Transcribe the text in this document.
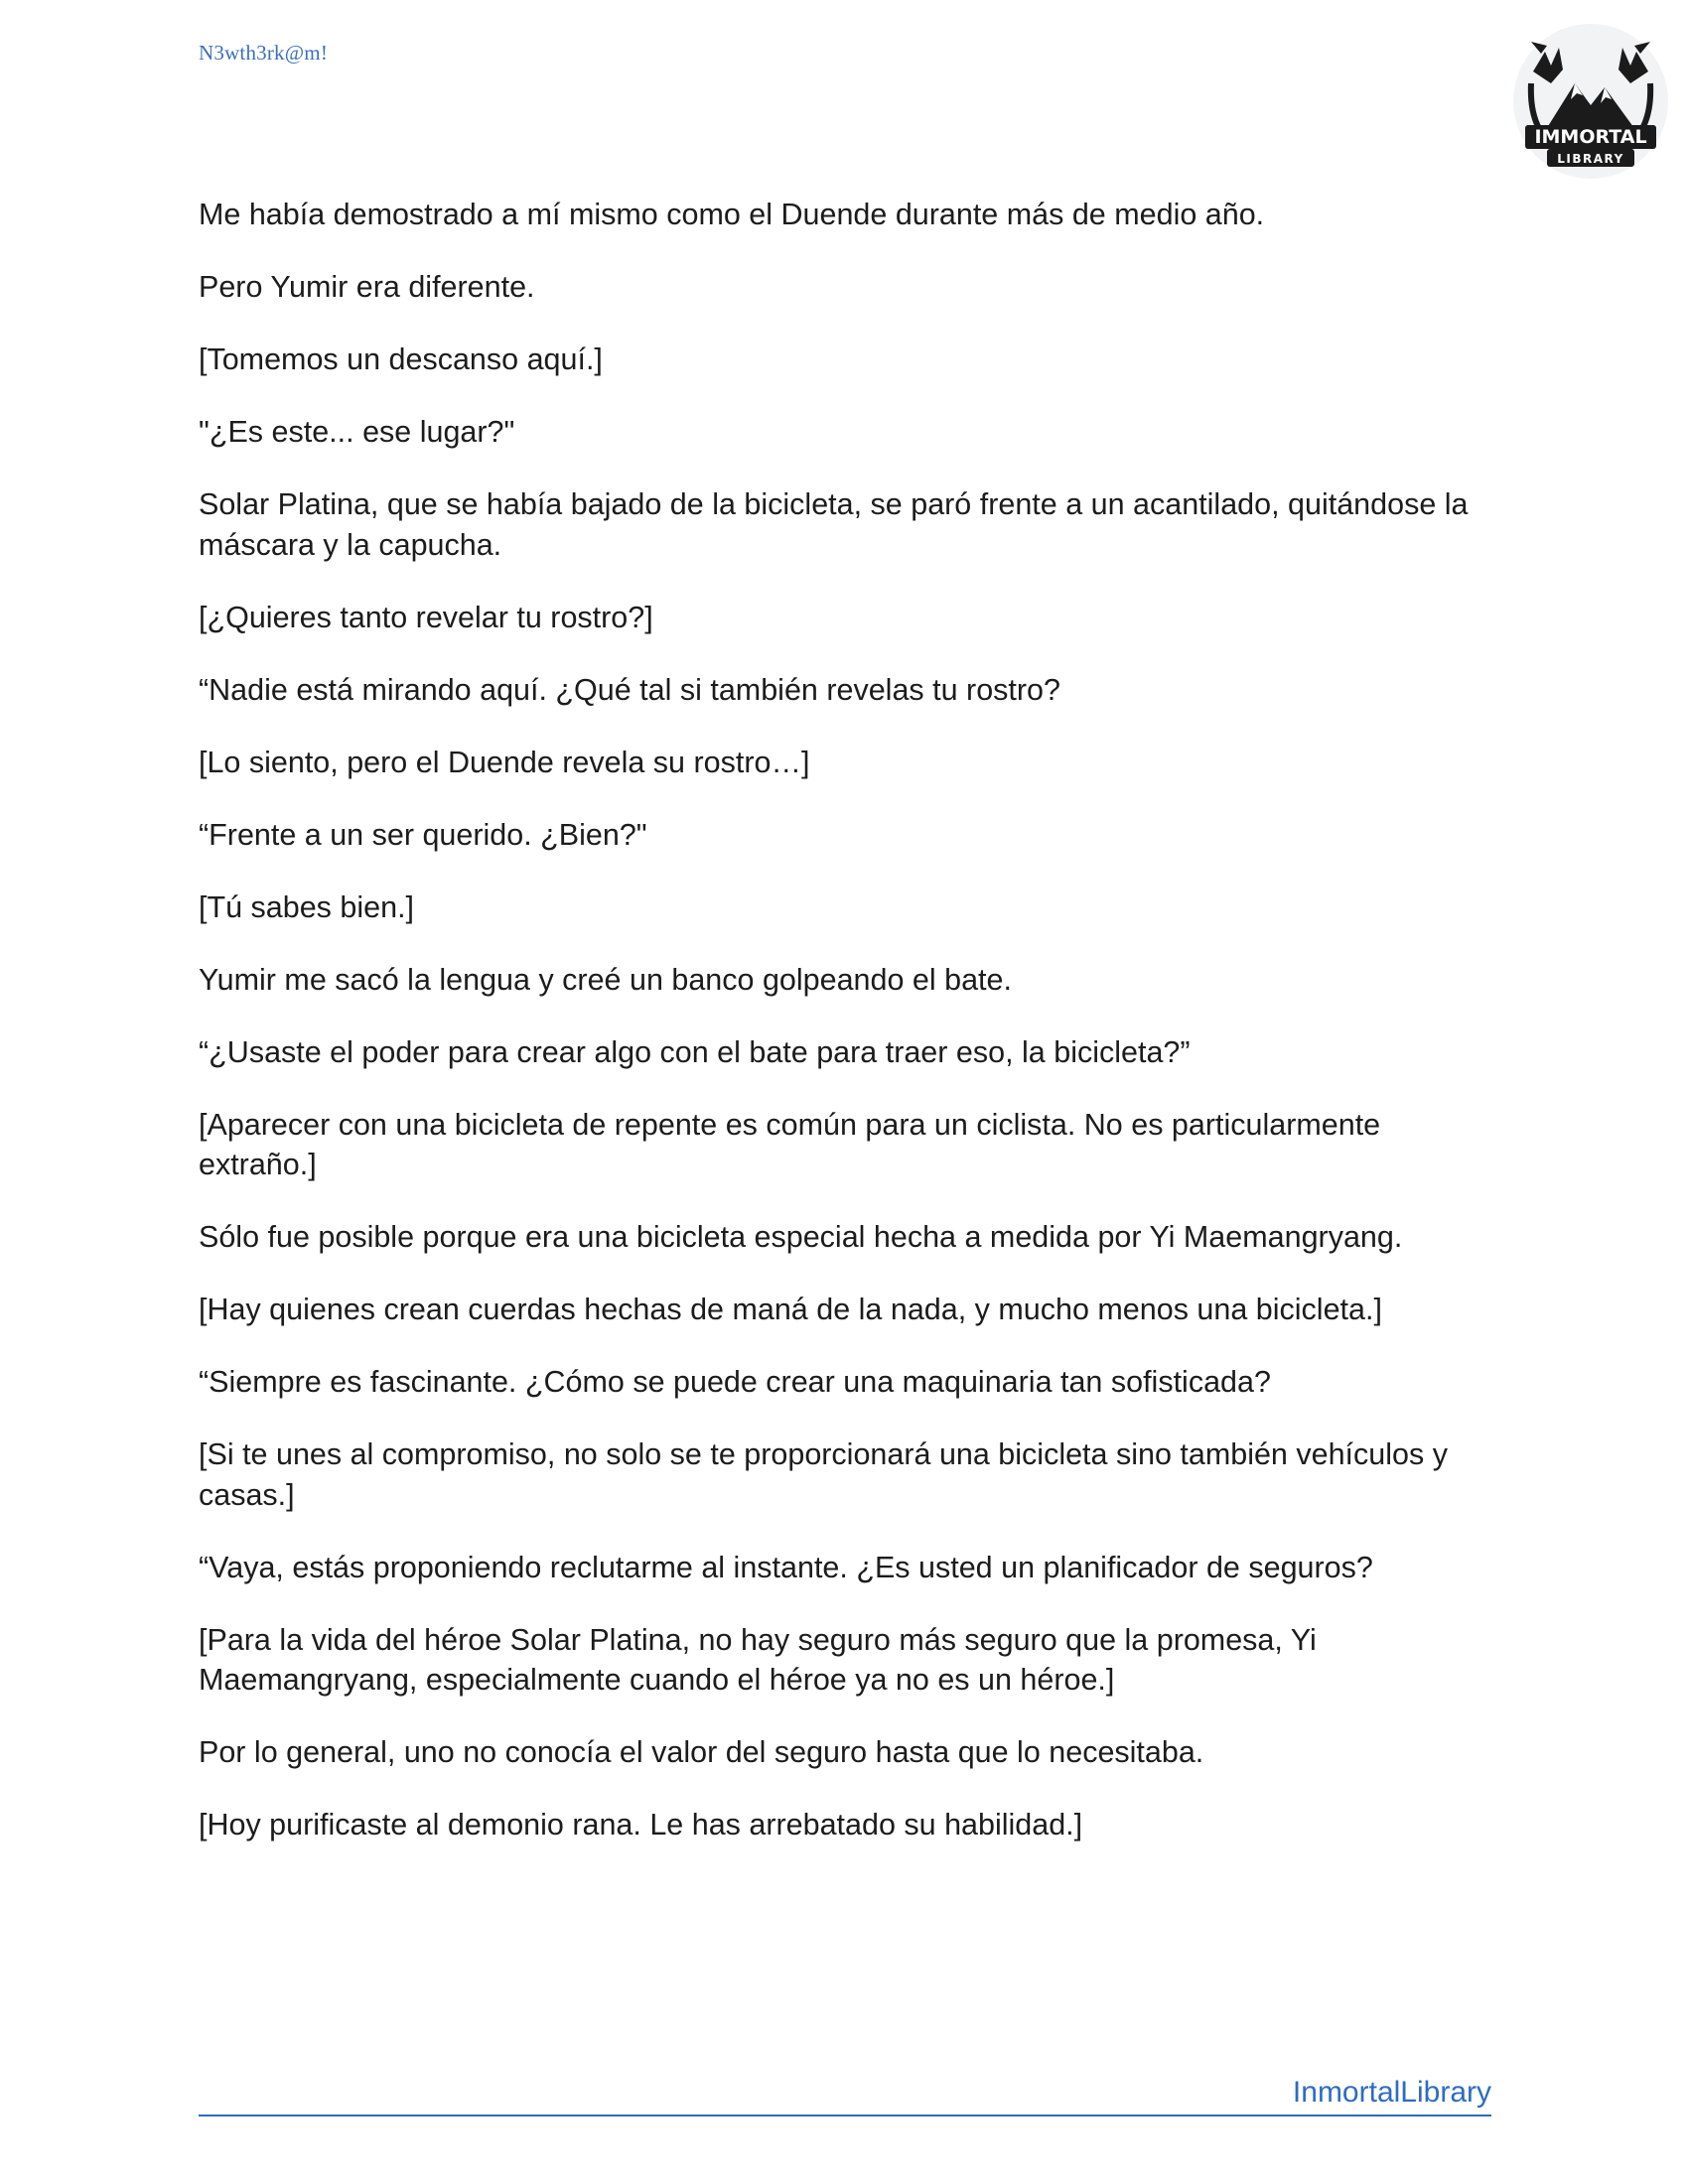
N3wth3rk@m!
IMMORTAL
LIBRARY

Me había demostrado a mí mismo como el Duende durante más de medio año.

Pero Yumir era diferente.

[Tomemos un descanso aquí.]

"¿Es este... ese lugar?"

Solar Platina, que se había bajado de la bicicleta, se paró frente a un acantilado, quitándose la máscara y la capucha.

[¿Quieres tanto revelar tu rostro?]

“Nadie está mirando aquí. ¿Qué tal si también revelas tu rostro?

[Lo siento, pero el Duende revela su rostro…]

“Frente a un ser querido. ¿Bien?"

[Tú sabes bien.]

Yumir me sacó la lengua y creé un banco golpeando el bate.

“¿Usaste el poder para crear algo con el bate para traer eso, la bicicleta?”

[Aparecer con una bicicleta de repente es común para un ciclista. No es particularmente extraño.]

Sólo fue posible porque era una bicicleta especial hecha a medida por Yi Maemangryang.

[Hay quienes crean cuerdas hechas de maná de la nada, y mucho menos una bicicleta.]

“Siempre es fascinante. ¿Cómo se puede crear una maquinaria tan sofisticada?

[Si te unes al compromiso, no solo se te proporcionará una bicicleta sino también vehículos y casas.]

“Vaya, estás proponiendo reclutarme al instante. ¿Es usted un planificador de seguros?

[Para la vida del héroe Solar Platina, no hay seguro más seguro que la promesa, Yi Maemangryang, especialmente cuando el héroe ya no es un héroe.]

Por lo general, uno no conocía el valor del seguro hasta que lo necesitaba.

[Hoy purificaste al demonio rana. Le has arrebatado su habilidad.]

InmortalLibrary
